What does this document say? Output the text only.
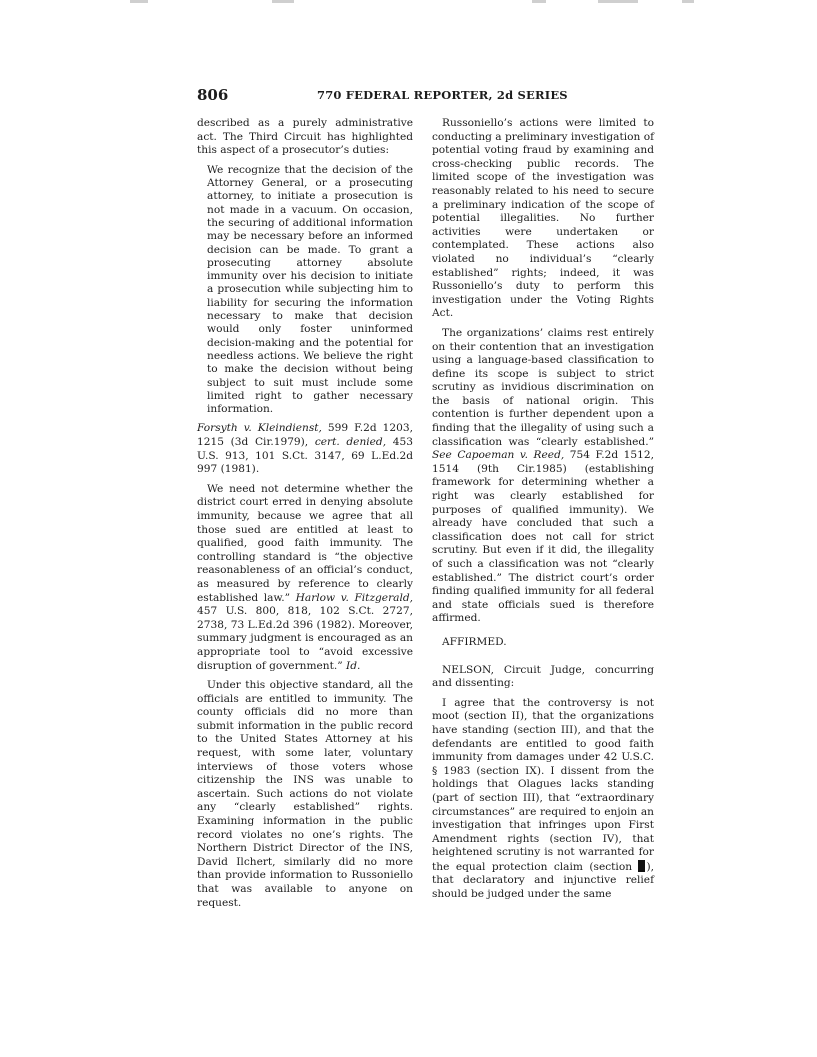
806	770 FEDERAL REPORTER, 2d SERIES

described as a purely administrative act. The Third Circuit has highlighted this aspect of a prosecutor’s duties:

We recognize that the decision of the Attorney General, or a prosecuting attorney, to initiate a prosecution is not made in a vacuum. On occasion, the securing of additional information may be necessary before an informed decision can be made. To grant a prosecuting attorney absolute immunity over his decision to initiate a prosecution while subjecting him to liability for securing the information necessary to make that decision would only foster uninformed decision-making and the potential for needless actions. We believe the right to make the decision without being subject to suit must include some limited right to gather necessary information.

Forsyth v. Kleindienst, 599 F.2d 1203, 1215 (3d Cir.1979), cert. denied, 453 U.S. 913, 101 S.Ct. 3147, 69 L.Ed.2d 997 (1981).

We need not determine whether the district court erred in denying absolute immunity, because we agree that all those sued are entitled at least to qualified, good faith immunity. The controlling standard is “the objective reasonableness of an official’s conduct, as measured by reference to clearly established law.” Harlow v. Fitzgerald, 457 U.S. 800, 818, 102 S.Ct. 2727, 2738, 73 L.Ed.2d 396 (1982). Moreover, summary judgment is encouraged as an appropriate tool to “avoid excessive disruption of government.” Id.

Under this objective standard, all the officials are entitled to immunity. The county officials did no more than submit information in the public record to the United States Attorney at his request, with some later, voluntary interviews of those voters whose citizenship the INS was unable to ascertain. Such actions do not violate any “clearly established” rights. Examining information in the public record violates no one’s rights. The Northern District Director of the INS, David Ilchert, similarly did no more than provide information to Russoniello that was available to anyone on request.

Russoniello’s actions were limited to conducting a preliminary investigation of potential voting fraud by examining and cross-checking public records. The limited scope of the investigation was reasonably related to his need to secure a preliminary indication of the scope of potential illegalities. No further activities were undertaken or contemplated. These actions also violated no individual’s “clearly established” rights; indeed, it was Russoniello’s duty to perform this investigation under the Voting Rights Act.

The organizations’ claims rest entirely on their contention that an investigation using a language-based classification to define its scope is subject to strict scrutiny as invidious discrimination on the basis of national origin. This contention is further dependent upon a finding that the illegality of using such a classification was “clearly established.” See Capoeman v. Reed, 754 F.2d 1512, 1514 (9th Cir.1985) (establishing framework for determining whether a right was clearly established for purposes of qualified immunity). We already have concluded that such a classification does not call for strict scrutiny. But even if it did, the illegality of such a classification was not “clearly established.” The district court’s order finding qualified immunity for all federal and state officials sued is therefore affirmed.

AFFIRMED.

NELSON, Circuit Judge, concurring and dissenting:

I agree that the controversy is not moot (section II), that the organizations have standing (section III), and that the defendants are entitled to good faith immunity from damages under 42 U.S.C. § 1983 (section IX). I dissent from the holdings that Olagues lacks standing (part of section III), that “extraordinary circumstances” are required to enjoin an investigation that infringes upon First Amendment rights (section IV), that heightened scrutiny is not warranted for the equal protection claim (section ), that declaratory and injunctive relief should be judged under the same
